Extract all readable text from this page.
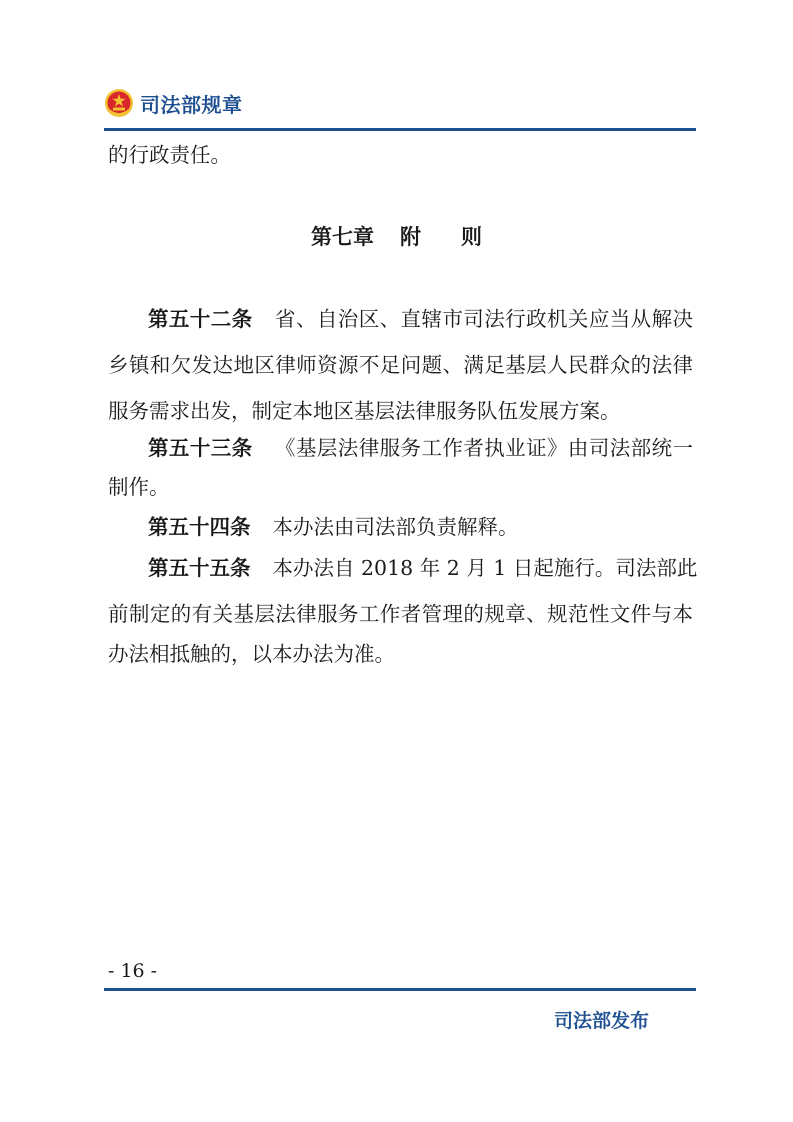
司法部规章
的行政责任。
第七章 附 则
第五十二条 省、自治区、直辖市司法行政机关应当从解决
乡镇和欠发达地区律师资源不足问题、满足基层人民群众的法律
服务需求出发，制定本地区基层法律服务队伍发展方案。
第五十三条 《基层法律服务工作者执业证》由司法部统一
制作。
第五十四条 本办法由司法部负责解释。
第五十五条 本办法自 2018 年 2 月 1 日起施行。司法部此
前制定的有关基层法律服务工作者管理的规章、规范性文件与本
办法相抵触的，以本办法为准。
- 16 -
司法部发布
